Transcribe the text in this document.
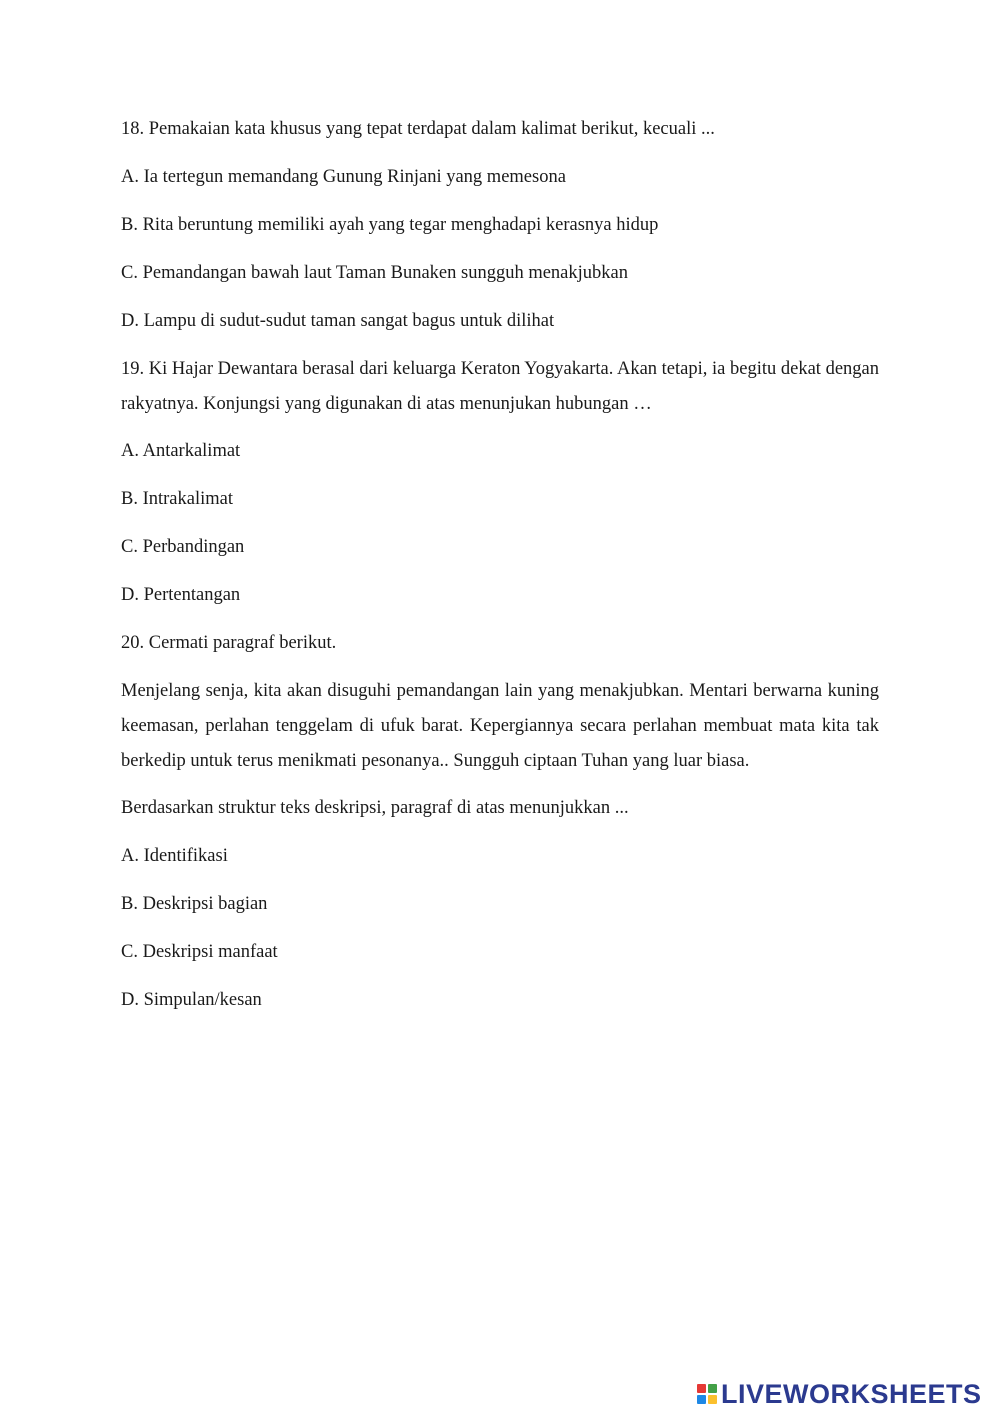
18. Pemakaian kata khusus yang tepat terdapat dalam kalimat berikut, kecuali ...
A. Ia tertegun memandang Gunung Rinjani yang memesona
B. Rita beruntung memiliki ayah yang tegar menghadapi kerasnya hidup
C. Pemandangan bawah laut Taman Bunaken sungguh menakjubkan
D. Lampu di sudut-sudut taman sangat bagus untuk dilihat
19. Ki Hajar Dewantara berasal dari keluarga Keraton Yogyakarta. Akan tetapi, ia begitu dekat dengan rakyatnya. Konjungsi yang digunakan di atas menunjukan hubungan …
A. Antarkalimat
B. Intrakalimat
C. Perbandingan
D. Pertentangan
20. Cermati paragraf berikut.
Menjelang senja, kita akan disuguhi pemandangan lain yang menakjubkan. Mentari berwarna kuning keemasan, perlahan tenggelam di ufuk barat. Kepergiannya secara perlahan membuat mata kita tak berkedip untuk terus menikmati pesonanya.. Sungguh ciptaan Tuhan yang luar biasa.
Berdasarkan struktur teks deskripsi, paragraf di atas menunjukkan ...
A. Identifikasi
B. Deskripsi bagian
C. Deskripsi manfaat
D. Simpulan/kesan
LIVEWORKSHEETS
